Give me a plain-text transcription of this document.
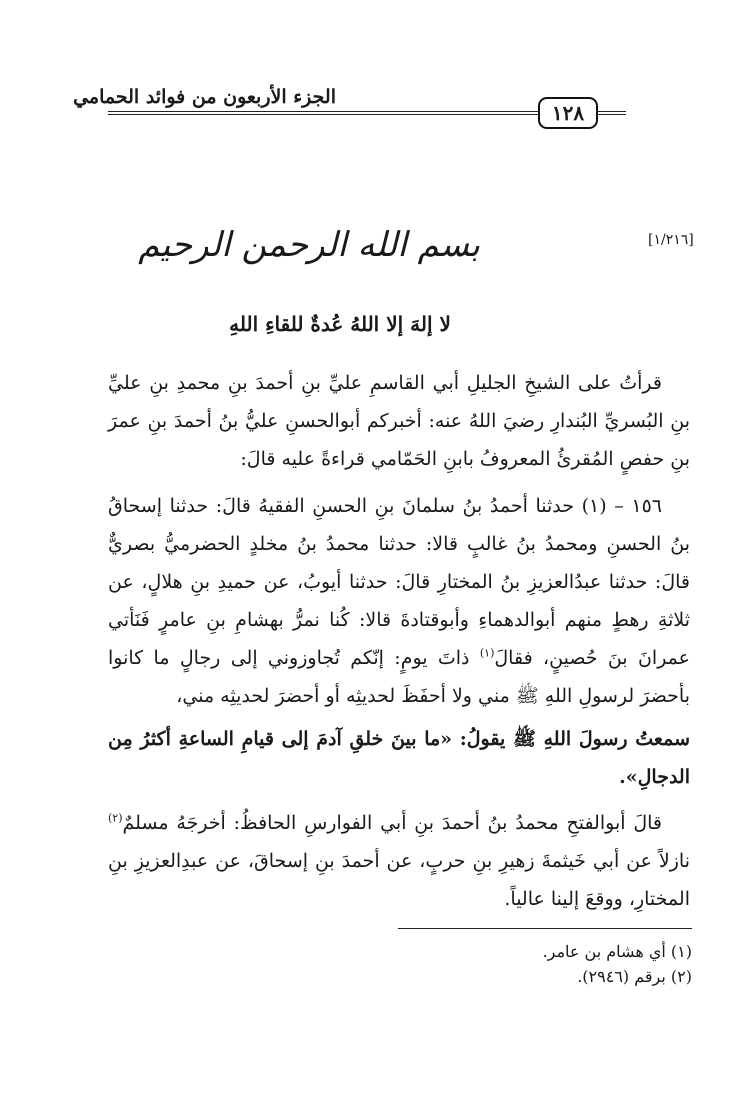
الجزء الأربعون من فوائد الحمامي
١٢٨
[١/٢١٦]
بسم الله الرحمن الرحيم
لا إلهَ إلا اللهُ عُدةٌ للقاءِ اللهِ
قرأتُ على الشيخِ الجليلِ أبي القاسمِ عليِّ بنِ أحمدَ بنِ محمدِ بنِ عليِّ بنِ البُسريِّ البُندارِ رضيَ اللهُ عنه: أخبركم أبوالحسنِ عليُّ بنُ أحمدَ بنِ عمرَ بنِ حفصٍ المُقرئُ المعروفُ بابنِ الحَمّامي قراءةً عليه قالَ:
١٥٦ – (١) حدثنا أحمدُ بنُ سلمانَ بنِ الحسنِ الفقيهُ قالَ: حدثنا إسحاقُ بنُ الحسنِ ومحمدُ بنُ غالبٍ قالا: حدثنا محمدُ بنُ مخلدٍ الحضرميُّ بصريٌّ قالَ: حدثنا عبدُالعزيزِ بنُ المختارِ قالَ: حدثنا أيوبُ، عن حميدِ بنِ هلالٍ، عن ثلاثةِ رهطٍ منهم أبوالدهماءِ وأبوقتادةَ قالا: كُنا نمرُّ بهشامِ بنِ عامرٍ فَنَأتي عمرانَ بنَ حُصينٍ، فقالَ$^{(١)}$ ذاتَ يومٍ: إنّكم تُجاوزوني إلى رجالٍ ما كانوا بأحضرَ لرسولِ اللهِ ﷺ مني ولا أحفَظَ لحديثِه أو أحضرَ لحديثِه مني،
سمعتُ رسولَ اللهِ ﷺ يقولُ: «ما بينَ خلقِ آدمَ إلى قيامِ الساعةِ أكثرُ مِن الدجالِ».
قالَ أبوالفتحِ محمدُ بنُ أحمدَ بنِ أبي الفوارسِ الحافظُ: أخرجَهُ مسلمٌ$^{(٢)}$ نازلاً عن أبي خَيثمةَ زهيرِ بنِ حربٍ، عن أحمدَ بنِ إسحاقَ، عن عبدِالعزيزِ بنِ المختارِ، ووقعَ إلينا عالياً.
(١) أي هشام بن عامر.
(٢) برقم (٢٩٤٦).
